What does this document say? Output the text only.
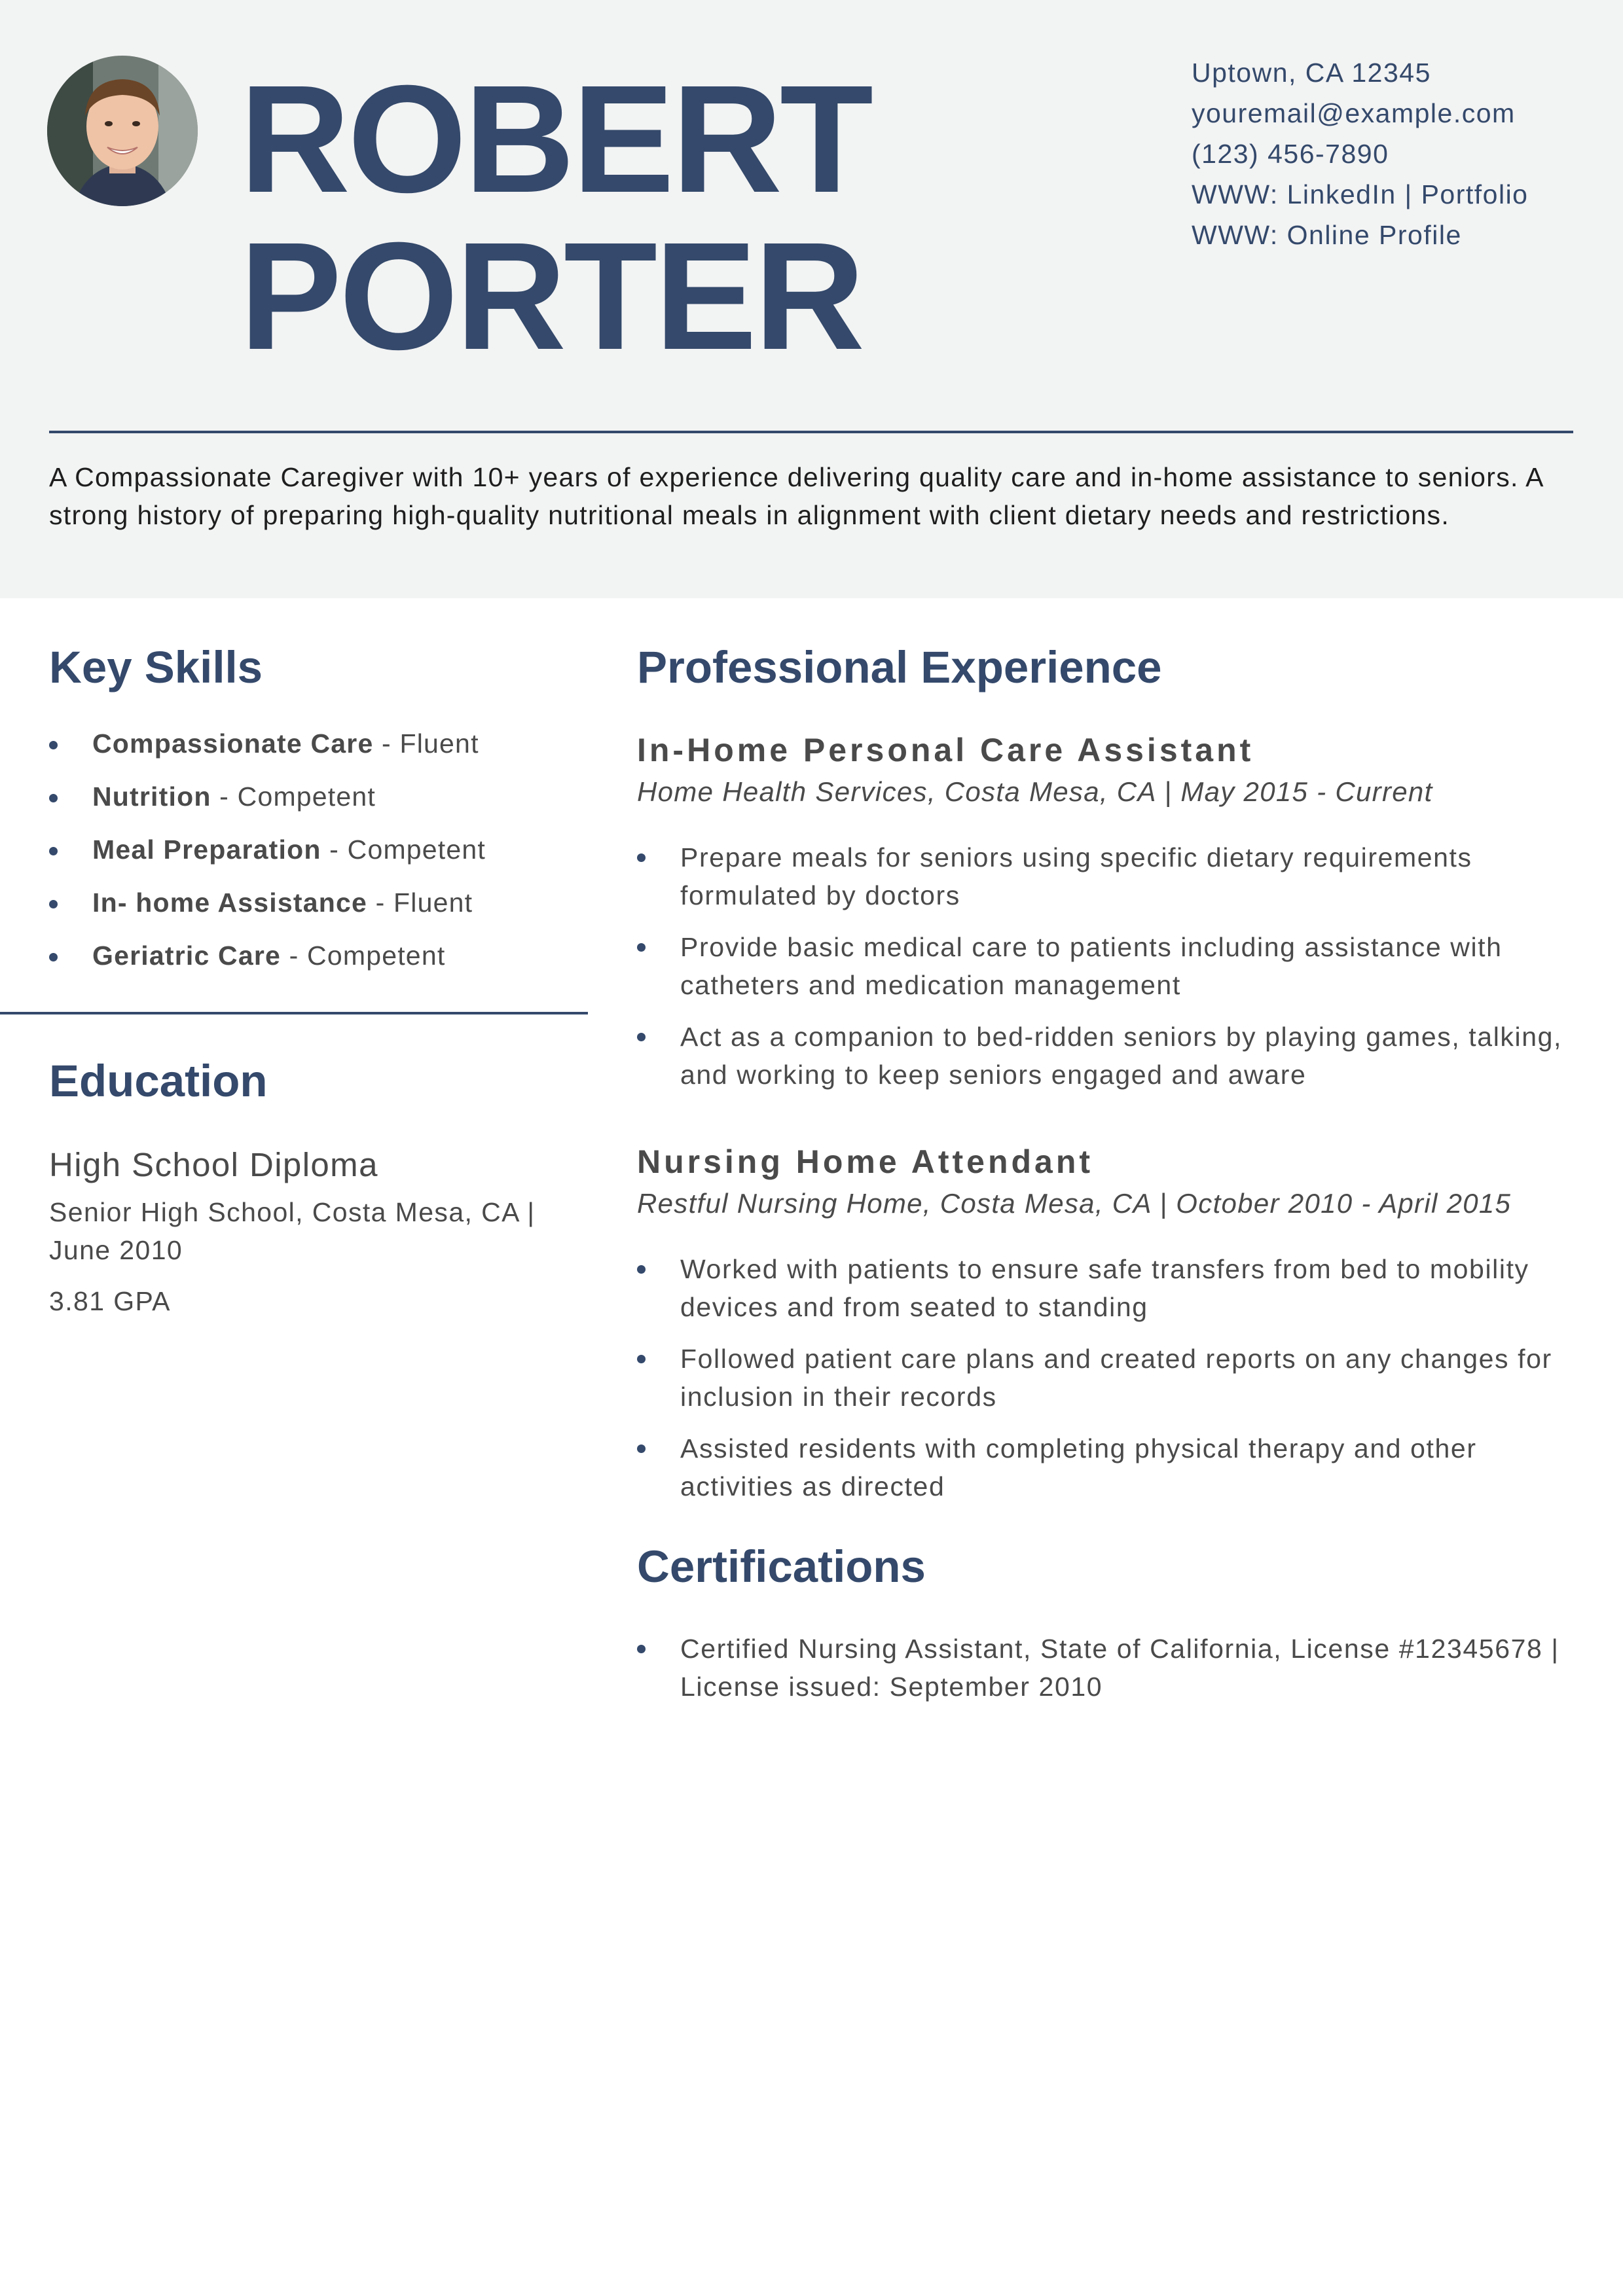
ROBERT
PORTER
Uptown, CA 12345
youremail@example.com
(123) 456-7890
WWW: LinkedIn | Portfolio
WWW: Online Profile

A Compassionate Caregiver with 10+ years of experience delivering quality care and in-home assistance to seniors. A strong history of preparing high-quality nutritional meals in alignment with client dietary needs and restrictions.

Key Skills
Compassionate Care - Fluent
Nutrition - Competent
Meal Preparation - Competent
In- home Assistance - Fluent
Geriatric Care - Competent
Education
High School Diploma
Senior High School, Costa Mesa, CA | June 2010
3.81 GPA
Professional Experience
In-Home Personal Care Assistant
Home Health Services, Costa Mesa, CA | May 2015 - Current
Prepare meals for seniors using specific dietary requirements formulated by doctors
Provide basic medical care to patients including assistance with catheters and medication management
Act as a companion to bed-ridden seniors by playing games, talking, and working to keep seniors engaged and aware
Nursing Home Attendant
Restful Nursing Home, Costa Mesa, CA | October 2010 - April 2015
Worked with patients to ensure safe transfers from bed to mobility devices and from seated to standing
Followed patient care plans and created reports on any changes for inclusion in their records
Assisted residents with completing physical therapy and other activities as directed
Certifications
Certified Nursing Assistant, State of California, License #12345678 | License issued: September 2010
